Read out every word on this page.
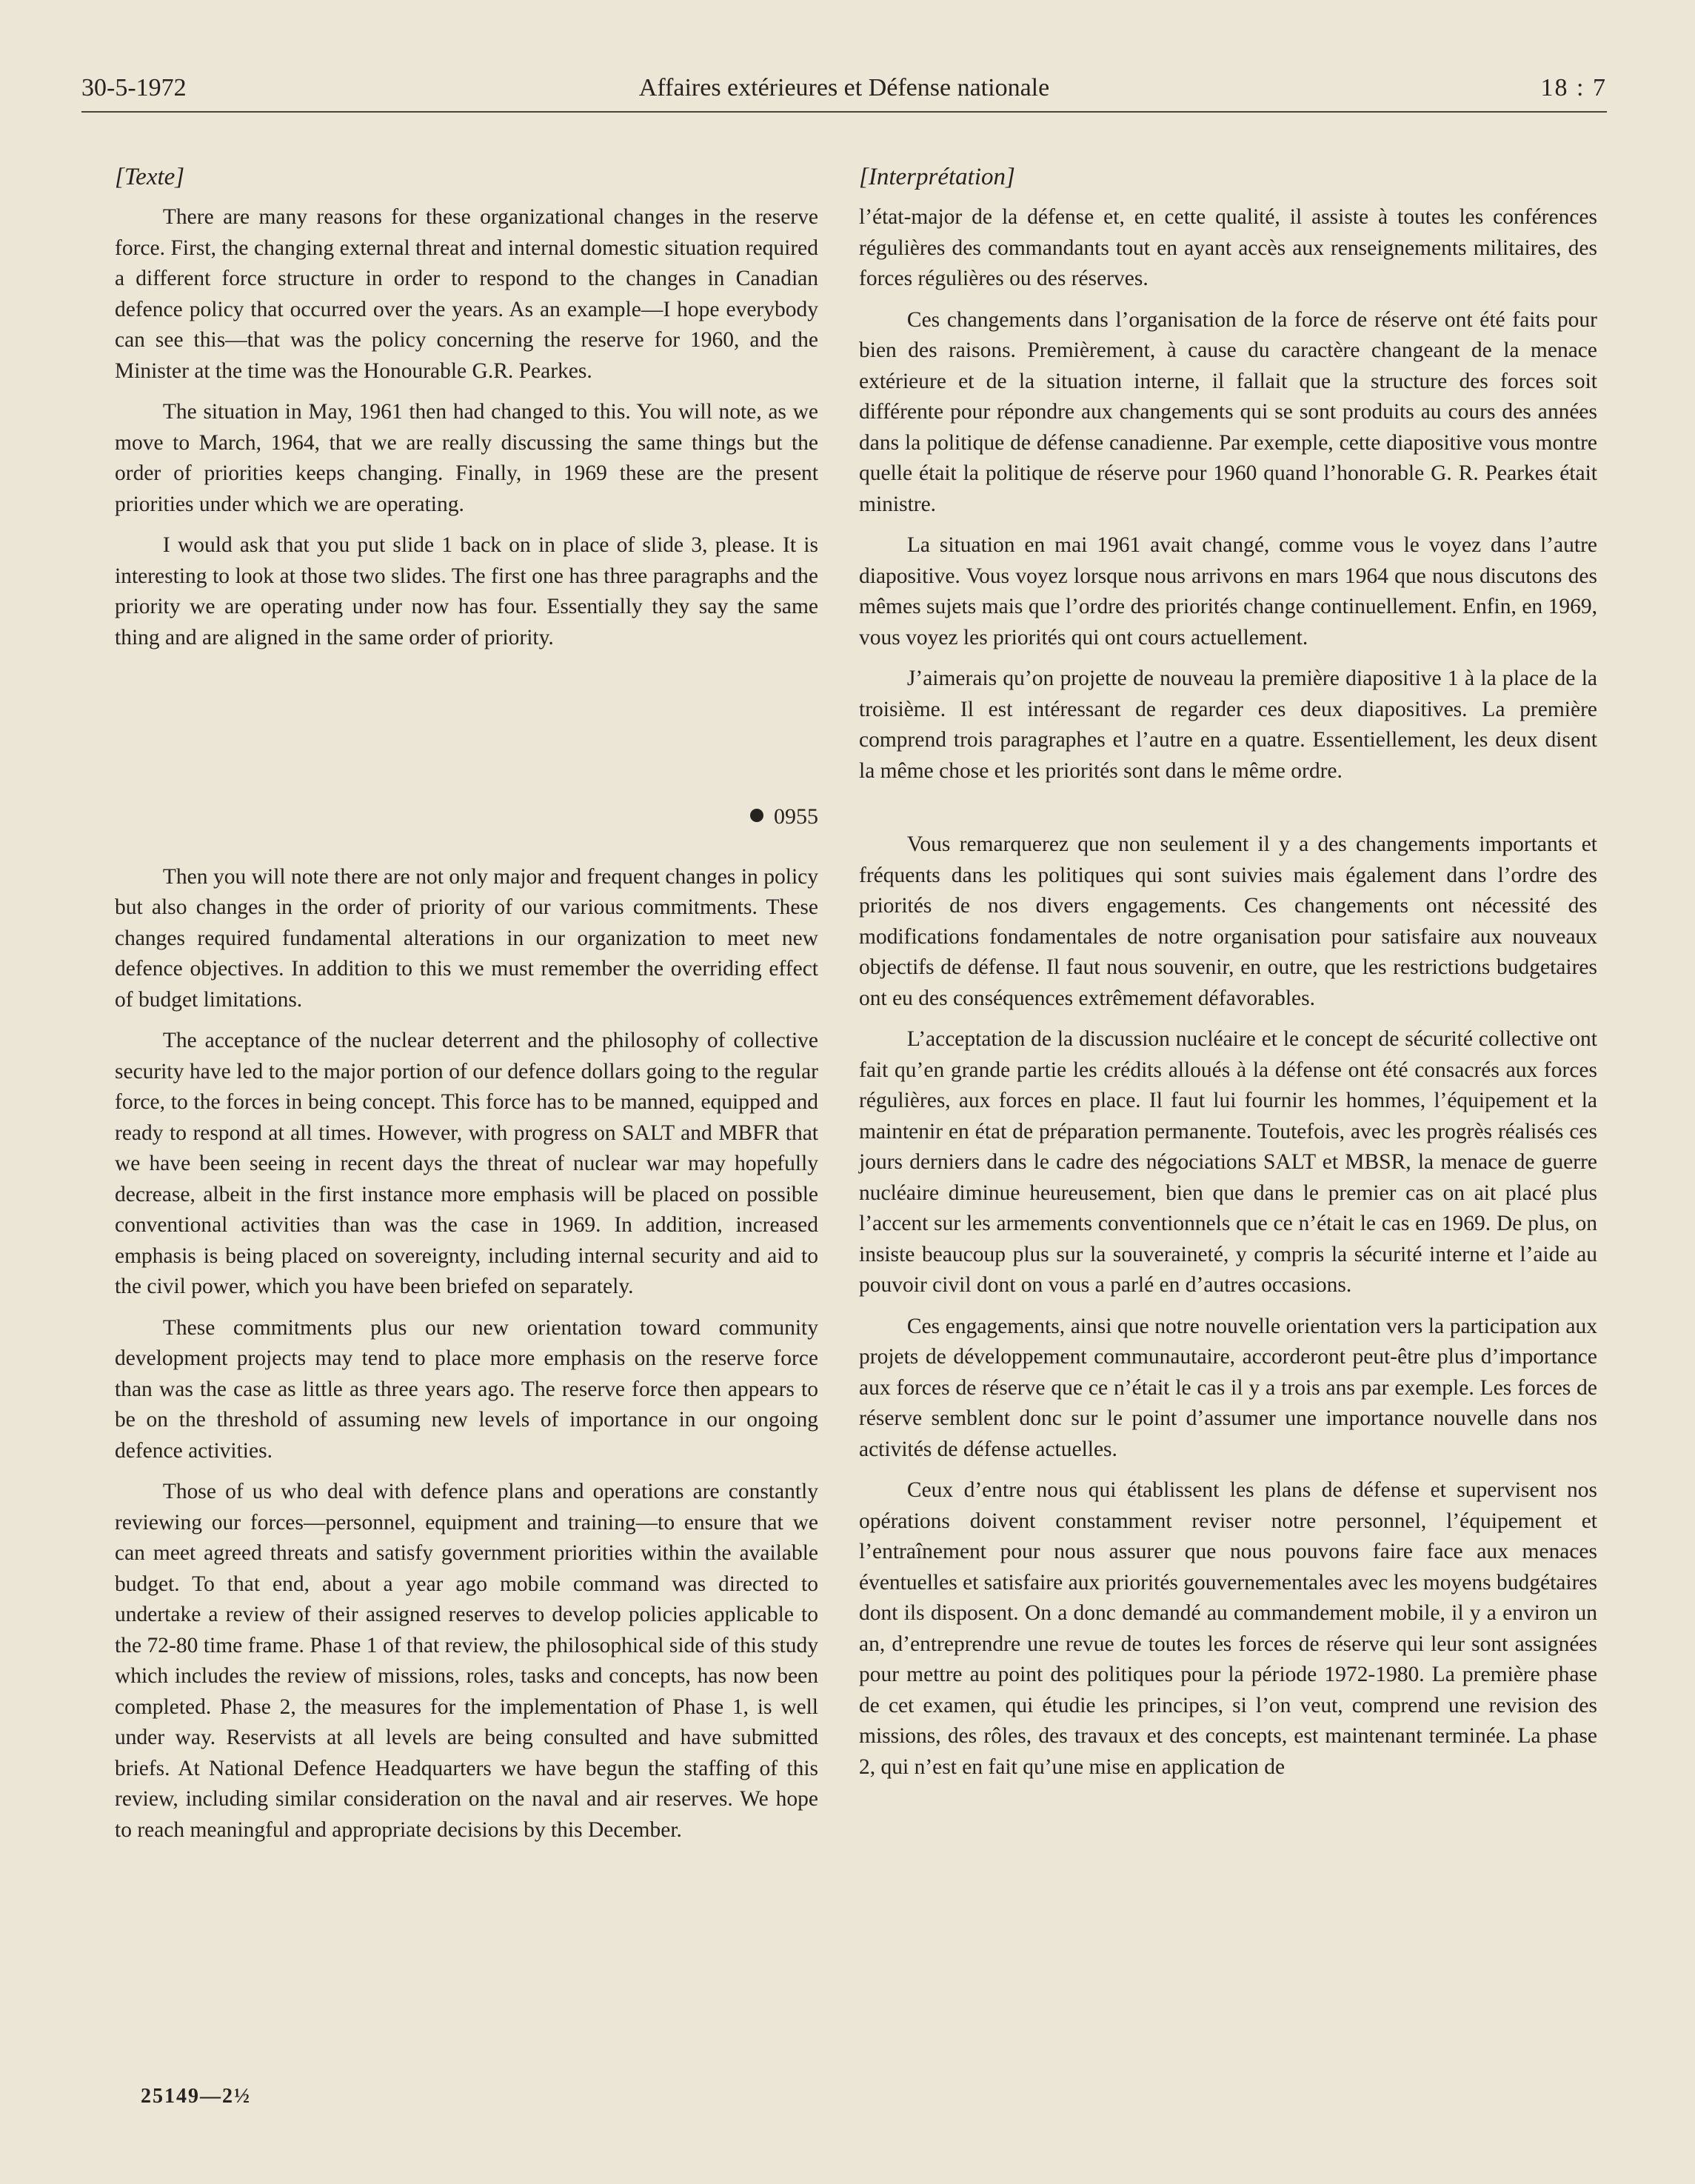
30-5-1972	Affaires extérieures et Défense nationale	18 : 7
[Texte]

There are many reasons for these organizational changes in the reserve force. First, the changing external threat and internal domestic situation required a different force structure in order to respond to the changes in Canadian defence policy that occurred over the years. As an example—I hope everybody can see this—that was the policy concerning the reserve for 1960, and the Minister at the time was the Honourable G.R. Pearkes.

The situation in May, 1961 then had changed to this. You will note, as we move to March, 1964, that we are really discussing the same things but the order of priorities keeps changing. Finally, in 1969 these are the present priorities under which we are operating.

I would ask that you put slide 1 back on in place of slide 3, please. It is interesting to look at those two slides. The first one has three paragraphs and the priority we are operating under now has four. Essentially they say the same thing and are aligned in the same order of priority.

0955

Then you will note there are not only major and frequent changes in policy but also changes in the order of priority of our various commitments. These changes required fundamental alterations in our organization to meet new defence objectives. In addition to this we must remember the overriding effect of budget limitations.

The acceptance of the nuclear deterrent and the philosophy of collective security have led to the major portion of our defence dollars going to the regular force, to the forces in being concept. This force has to be manned, equipped and ready to respond at all times. However, with progress on SALT and MBFR that we have been seeing in recent days the threat of nuclear war may hopefully decrease, albeit in the first instance more emphasis will be placed on possible conventional activities than was the case in 1969. In addition, increased emphasis is being placed on sovereignty, including internal security and aid to the civil power, which you have been briefed on separately.

These commitments plus our new orientation toward community development projects may tend to place more emphasis on the reserve force than was the case as little as three years ago. The reserve force then appears to be on the threshold of assuming new levels of importance in our ongoing defence activities.

Those of us who deal with defence plans and operations are constantly reviewing our forces—personnel, equipment and training—to ensure that we can meet agreed threats and satisfy government priorities within the available budget. To that end, about a year ago mobile command was directed to undertake a review of their assigned reserves to develop policies applicable to the 72-80 time frame. Phase 1 of that review, the philosophical side of this study which includes the review of missions, roles, tasks and concepts, has now been completed. Phase 2, the measures for the implementation of Phase 1, is well under way. Reservists at all levels are being consulted and have submitted briefs. At National Defence Headquarters we have begun the staffing of this review, including similar consideration on the naval and air reserves. We hope to reach meaningful and appropriate decisions by this December.

[Interprétation]

l’état-major de la défense et, en cette qualité, il assiste à toutes les conférences régulières des commandants tout en ayant accès aux renseignements militaires, des forces régulières ou des réserves.

Ces changements dans l’organisation de la force de réserve ont été faits pour bien des raisons. Premièrement, à cause du caractère changeant de la menace extérieure et de la situation interne, il fallait que la structure des forces soit différente pour répondre aux changements qui se sont produits au cours des années dans la politique de défense canadienne. Par exemple, cette diapositive vous montre quelle était la politique de réserve pour 1960 quand l’honorable G. R. Pearkes était ministre.

La situation en mai 1961 avait changé, comme vous le voyez dans l’autre diapositive. Vous voyez lorsque nous arrivons en mars 1964 que nous discutons des mêmes sujets mais que l’ordre des priorités change continuellement. Enfin, en 1969, vous voyez les priorités qui ont cours actuellement.

J’aimerais qu’on projette de nouveau la première diapositive 1 à la place de la troisième. Il est intéressant de regarder ces deux diapositives. La première comprend trois paragraphes et l’autre en a quatre. Essentiellement, les deux disent la même chose et les priorités sont dans le même ordre.

Vous remarquerez que non seulement il y a des changements importants et fréquents dans les politiques qui sont suivies mais également dans l’ordre des priorités de nos divers engagements. Ces changements ont nécessité des modifications fondamentales de notre organisation pour satisfaire aux nouveaux objectifs de défense. Il faut nous souvenir, en outre, que les restrictions budgetaires ont eu des conséquences extrêmement défavorables.

L’acceptation de la discussion nucléaire et le concept de sécurité collective ont fait qu’en grande partie les crédits alloués à la défense ont été consacrés aux forces régulières, aux forces en place. Il faut lui fournir les hommes, l’équipement et la maintenir en état de préparation permanente. Toutefois, avec les progrès réalisés ces jours derniers dans le cadre des négociations SALT et MBSR, la menace de guerre nucléaire diminue heureusement, bien que dans le premier cas on ait placé plus l’accent sur les armements conventionnels que ce n’était le cas en 1969. De plus, on insiste beaucoup plus sur la souveraineté, y compris la sécurité interne et l’aide au pouvoir civil dont on vous a parlé en d’autres occasions.

Ces engagements, ainsi que notre nouvelle orientation vers la participation aux projets de développement communautaire, accorderont peut-être plus d’importance aux forces de réserve que ce n’était le cas il y a trois ans par exemple. Les forces de réserve semblent donc sur le point d’assumer une importance nouvelle dans nos activités de défense actuelles.

Ceux d’entre nous qui établissent les plans de défense et supervisent nos opérations doivent constamment reviser notre personnel, l’équipement et l’entraînement pour nous assurer que nous pouvons faire face aux menaces éventuelles et satisfaire aux priorités gouvernementales avec les moyens budgétaires dont ils disposent. On a donc demandé au commandement mobile, il y a environ un an, d’entreprendre une revue de toutes les forces de réserve qui leur sont assignées pour mettre au point des politiques pour la période 1972-1980. La première phase de cet examen, qui étudie les principes, si l’on veut, comprend une revision des missions, des rôles, des travaux et des concepts, est maintenant terminée. La phase 2, qui n’est en fait qu’une mise en application de

25149—2½
